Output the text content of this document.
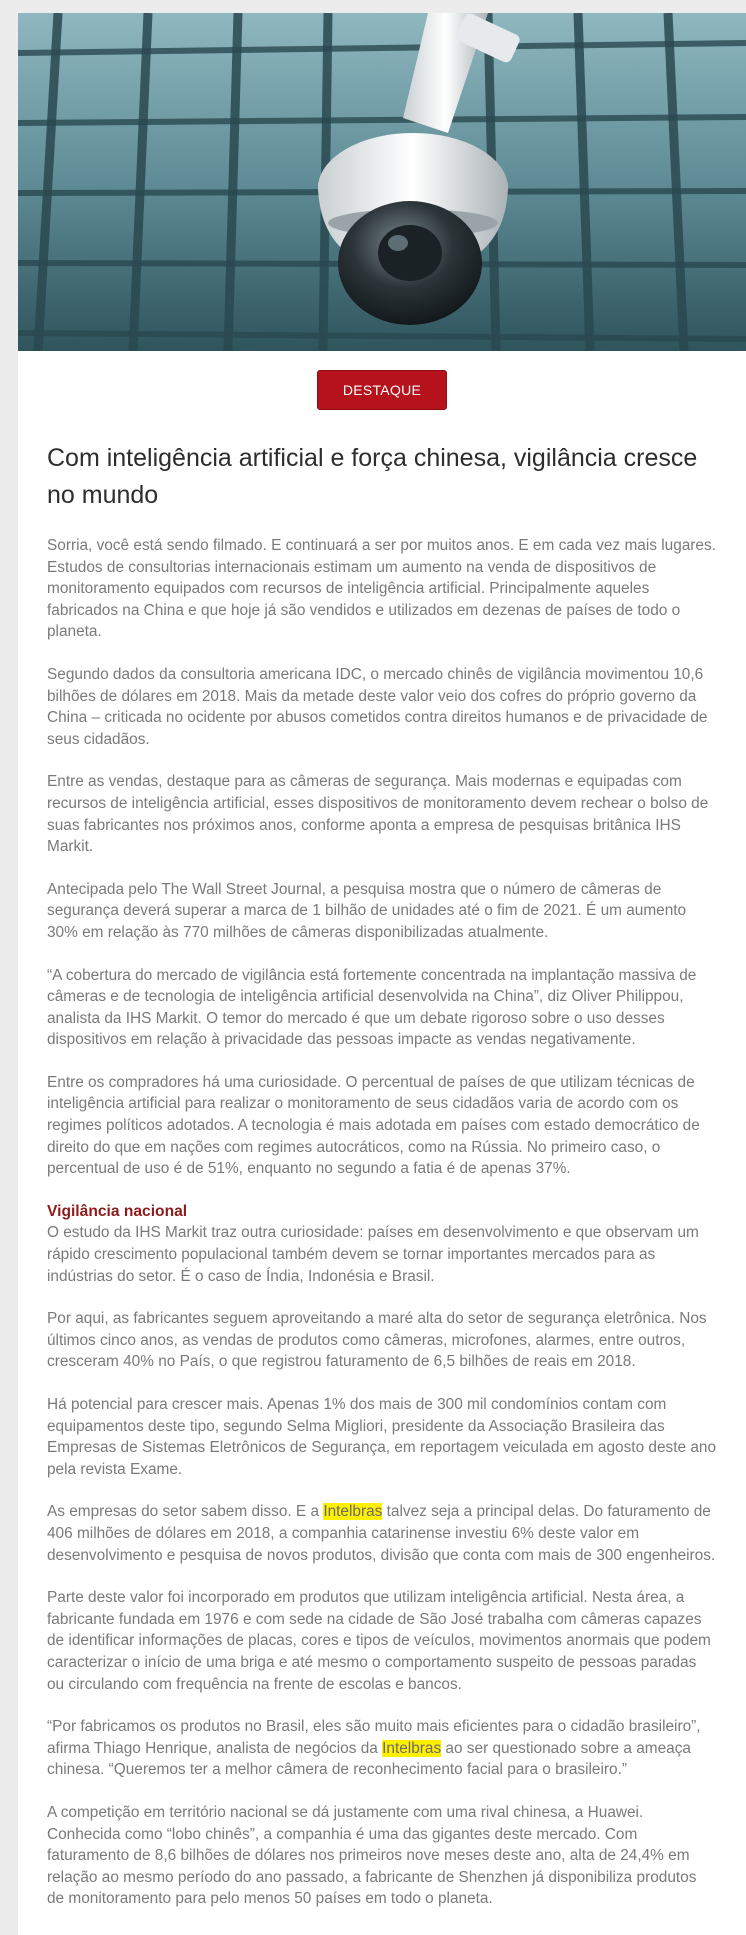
DESTAQUE
Com inteligência artificial e força chinesa, vigilância cresce no mundo

Sorria, você está sendo filmado. E continuará a ser por muitos anos. E em cada vez mais lugares. Estudos de consultorias internacionais estimam um aumento na venda de dispositivos de monitoramento equipados com recursos de inteligência artificial. Principalmente aqueles fabricados na China e que hoje já são vendidos e utilizados em dezenas de países de todo o planeta.

Segundo dados da consultoria americana IDC, o mercado chinês de vigilância movimentou 10,6 bilhões de dólares em 2018. Mais da metade deste valor veio dos cofres do próprio governo da China – criticada no ocidente por abusos cometidos contra direitos humanos e de privacidade de seus cidadãos.

Entre as vendas, destaque para as câmeras de segurança. Mais modernas e equipadas com recursos de inteligência artificial, esses dispositivos de monitoramento devem rechear o bolso de suas fabricantes nos próximos anos, conforme aponta a empresa de pesquisas britânica IHS Markit.

Antecipada pelo The Wall Street Journal, a pesquisa mostra que o número de câmeras de segurança deverá superar a marca de 1 bilhão de unidades até o fim de 2021. É um aumento 30% em relação às 770 milhões de câmeras disponibilizadas atualmente.

“A cobertura do mercado de vigilância está fortemente concentrada na implantação massiva de câmeras e de tecnologia de inteligência artificial desenvolvida na China”, diz Oliver Philippou, analista da IHS Markit. O temor do mercado é que um debate rigoroso sobre o uso desses dispositivos em relação à privacidade das pessoas impacte as vendas negativamente.

Entre os compradores há uma curiosidade. O percentual de países de que utilizam técnicas de inteligência artificial para realizar o monitoramento de seus cidadãos varia de acordo com os regimes políticos adotados. A tecnologia é mais adotada em países com estado democrático de direito do que em nações com regimes autocráticos, como na Rússia. No primeiro caso, o percentual de uso é de 51%, enquanto no segundo a fatia é de apenas 37%.

Vigilância nacional

O estudo da IHS Markit traz outra curiosidade: países em desenvolvimento e que observam um rápido crescimento populacional também devem se tornar importantes mercados para as indústrias do setor. É o caso de Índia, Indonésia e Brasil.

Por aqui, as fabricantes seguem aproveitando a maré alta do setor de segurança eletrônica. Nos últimos cinco anos, as vendas de produtos como câmeras, microfones, alarmes, entre outros, cresceram 40% no País, o que registrou faturamento de 6,5 bilhões de reais em 2018.

Há potencial para crescer mais. Apenas 1% dos mais de 300 mil condomínios contam com equipamentos deste tipo, segundo Selma Migliori, presidente da Associação Brasileira das Empresas de Sistemas Eletrônicos de Segurança, em reportagem veiculada em agosto deste ano pela revista Exame.

As empresas do setor sabem disso. E a Intelbras talvez seja a principal delas. Do faturamento de 406 milhões de dólares em 2018, a companhia catarinense investiu 6% deste valor em desenvolvimento e pesquisa de novos produtos, divisão que conta com mais de 300 engenheiros.

Parte deste valor foi incorporado em produtos que utilizam inteligência artificial. Nesta área, a fabricante fundada em 1976 e com sede na cidade de São José trabalha com câmeras capazes de identificar informações de placas, cores e tipos de veículos, movimentos anormais que podem caracterizar o início de uma briga e até mesmo o comportamento suspeito de pessoas paradas ou circulando com frequência na frente de escolas e bancos.

“Por fabricamos os produtos no Brasil, eles são muito mais eficientes para o cidadão brasileiro”, afirma Thiago Henrique, analista de negócios da Intelbras ao ser questionado sobre a ameaça chinesa. “Queremos ter a melhor câmera de reconhecimento facial para o brasileiro.”

A competição em território nacional se dá justamente com uma rival chinesa, a Huawei. Conhecida como “lobo chinês”, a companhia é uma das gigantes deste mercado. Com faturamento de 8,6 bilhões de dólares nos primeiros nove meses deste ano, alta de 24,4% em relação ao mesmo período do ano passado, a fabricante de Shenzhen já disponibiliza produtos de monitoramento para pelo menos 50 países em todo o planeta.
